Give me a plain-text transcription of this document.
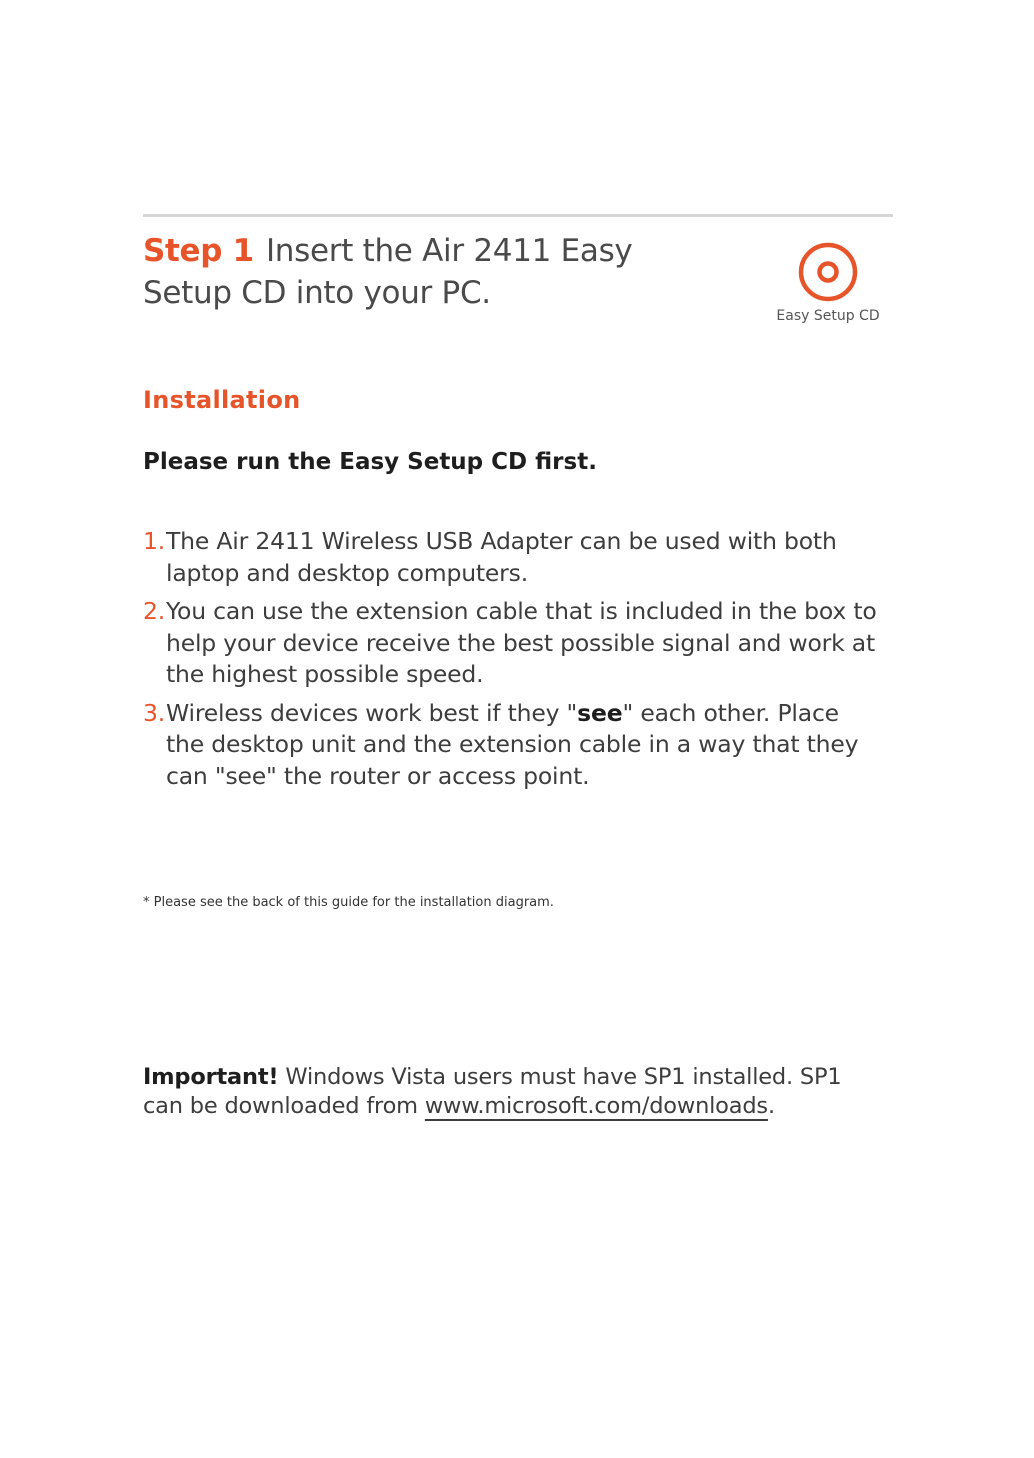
Step 1 Insert the Air 2411 Easy Setup CD into your PC.
Easy Setup CD
Installation
Please run the Easy Setup CD first.
1. The Air 2411 Wireless USB Adapter can be used with both laptop and desktop computers.
2. You can use the extension cable that is included in the box to help your device receive the best possible signal and work at the highest possible speed.
3. Wireless devices work best if they "see" each other. Place the desktop unit and the extension cable in a way that they can "see" the router or access point.
* Please see the back of this guide for the installation diagram.
Important! Windows Vista users must have SP1 installed. SP1 can be downloaded from www.microsoft.com/downloads.
